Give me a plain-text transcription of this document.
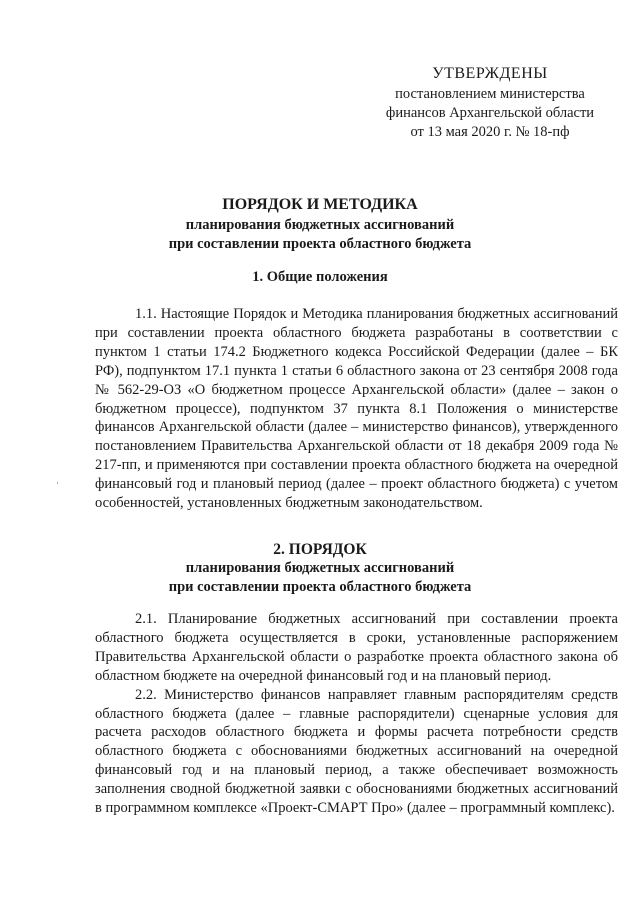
УТВЕРЖДЕНЫ
постановлением министерства
финансов Архангельской области
от 13 мая 2020 г. № 18-пф
ПОРЯДОК И МЕТОДИКА
планирования бюджетных ассигнований
при составлении проекта областного бюджета
1. Общие положения

1.1. Настоящие Порядок и Методика планирования бюджетных ассигнований при составлении проекта областного бюджета разработаны в соответствии с пунктом 1 статьи 174.2 Бюджетного кодекса Российской Федерации (далее – БК РФ), подпунктом 17.1 пункта 1 статьи 6 областного закона от 23 сентября 2008 года № 562-29-ОЗ «О бюджетном процессе Архангельской области» (далее – закон о бюджетном процессе), подпунктом 37 пункта 8.1 Положения о министерстве финансов Архангельской области (далее – министерство финансов), утвержденного постановлением Правительства Архангельской области от 18 декабря 2009 года № 217-пп, и применяются при составлении проекта областного бюджета на очередной финансовый год и плановый период (далее – проект областного бюджета) с учетом особенностей, установленных бюджетным законодательством.

·
2. ПОРЯДОК
планирования бюджетных ассигнований
при составлении проекта областного бюджета

2.1. Планирование бюджетных ассигнований при составлении проекта областного бюджета осуществляется в сроки, установленные распоряжением Правительства Архангельской области о разработке проекта областного закона об областном бюджете на очередной финансовый год и на плановый период.

2.2. Министерство финансов направляет главным распорядителям средств областного бюджета (далее – главные распорядители) сценарные условия для расчета расходов областного бюджета и формы расчета потребности средств областного бюджета с обоснованиями бюджетных ассигнований на очередной финансовый год и на плановый период, а также обеспечивает возможность заполнения сводной бюджетной заявки с обоснованиями бюджетных ассигнований в программном комплексе «Проект-СМАРТ Про» (далее – программный комплекс).
